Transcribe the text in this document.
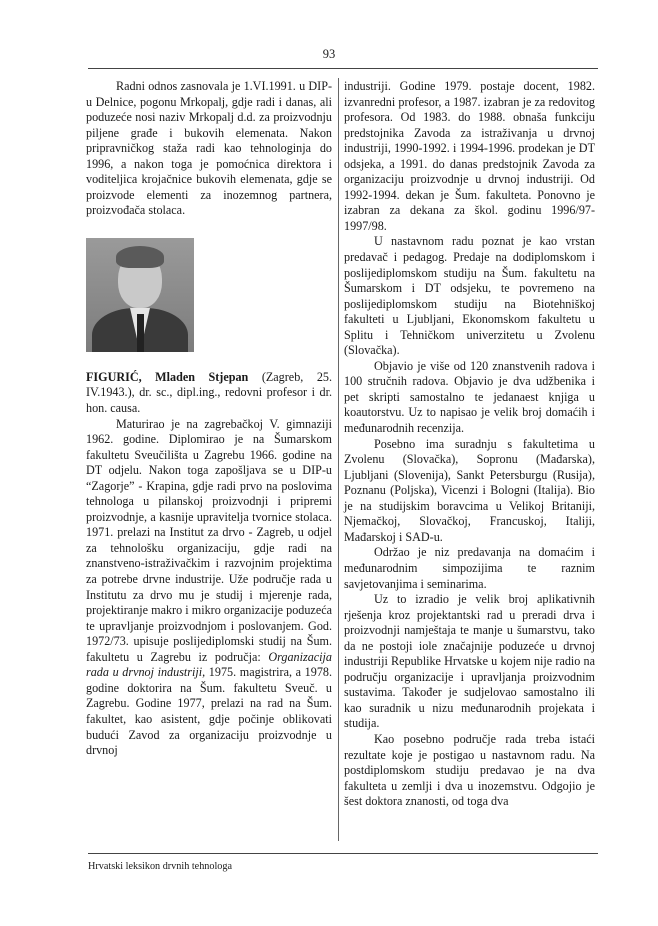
93

Radni odnos zasnovala je 1.VI.1991. u DIP-u Delnice, pogonu Mrkopalj, gdje radi i danas, ali poduzeće nosi naziv Mrkopalj d.d. za proizvodnju piljene građe i bukovih elemenata. Nakon pripravničkog staža radi kao tehnologinja do 1996, a nakon toga je pomoćnica direktora i voditeljica krojačnice bukovih elemenata, gdje se proizvode elementi za inozemnog partnera, proizvođača stolaca.

FIGURIĆ, Mladen Stjepan (Zagreb, 25. IV.1943.), dr. sc., dipl.ing., redovni profesor i dr. hon. causa.

Maturirao je na zagrebačkoj V. gimnaziji 1962. godine. Diplomirao je na Šumarskom fakultetu Sveučilišta u Zagrebu 1966. godine na DT odjelu. Nakon toga zapošljava se u DIP-u “Zagorje” - Krapina, gdje radi prvo na poslovima tehnologa u pilanskoj proizvodnji i pripremi proizvodnje, a kasnije upravitelja tvornice stolaca. 1971. prelazi na Institut za drvo - Zagreb, u odjel za tehnološku organizaciju, gdje radi na znanstveno-istraživačkim i razvojnim projektima za potrebe drvne industrije. Uže područje rada u Institutu za drvo mu je studij i mjerenje rada, projektiranje makro i mikro organizacije poduzeća te upravljanje proizvodnjom i poslovanjem. God. 1972/73. upisuje poslijediplomski studij na Šum. fakultetu u Zagrebu iz područja: Organizacija rada u drvnoj industriji, 1975. magistrira, a 1978. godine doktorira na Šum. fakultetu Sveuč. u Zagrebu. Godine 1977, prelazi na rad na Šum. fakultet, kao asistent, gdje počinje oblikovati budući Zavod za organizaciju proizvodnje u drvnoj

industriji. Godine 1979. postaje docent, 1982. izvanredni profesor, a 1987. izabran je za redovitog profesora. Od 1983. do 1988. obnaša funkciju predstojnika Zavoda za istraživanja u drvnoj industriji, 1990-1992. i 1994-1996. prodekan je DT odsjeka, a 1991. do danas predstojnik Zavoda za organizaciju proizvodnje u drvnoj industriji. Od 1992-1994. dekan je Šum. fakulteta. Ponovno je izabran za dekana za škol. godinu 1996/97-1997/98.

U nastavnom radu poznat je kao vrstan predavač i pedagog. Predaje na dodiplomskom i poslijediplomskom studiju na Šum. fakultetu na Šumarskom i DT odsjeku, te povremeno na poslijediplomskom studiju na Biotehniškoj fakulteti u Ljubljani, Ekonomskom fakultetu u Splitu i Tehničkom univerzitetu u Zvolenu (Slovačka).

Objavio je više od 120 znanstvenih radova i 100 stručnih radova. Objavio je dva udžbenika i pet skripti samostalno te jedanaest knjiga u koautorstvu. Uz to napisao je velik broj domaćih i međunarodnih recenzija.

Posebno ima suradnju s fakultetima u Zvolenu (Slovačka), Sopronu (Mađarska), Ljubljani (Slovenija), Sankt Petersburgu (Rusija), Poznanu (Poljska), Vicenzi i Bologni (Italija). Bio je na studijskim boravcima u Velikoj Britaniji, Njemačkoj, Slovačkoj, Francuskoj, Italiji, Mađarskoj i SAD-u.

Održao je niz predavanja na domaćim i međunarodnim simpozijima te raznim savjetovanjima i seminarima.

Uz to izradio je velik broj aplikativnih rješenja kroz projektantski rad u preradi drva i proizvodnji namještaja te manje u šumarstvu, tako da ne postoji iole značajnije poduzeće u drvnoj industriji Republike Hrvatske u kojem nije radio na području organizacije i upravljanja proizvodnim sustavima. Također je sudjelovao samostalno ili kao suradnik u nizu međunarodnih projekata i studija.

Kao posebno područje rada treba istaći rezultate koje je postigao u nastavnom radu. Na postdiplomskom studiju predavao je na dva fakulteta u zemlji i dva u inozemstvu. Odgojio je šest doktora znanosti, od toga dva

Hrvatski leksikon drvnih tehnologa
